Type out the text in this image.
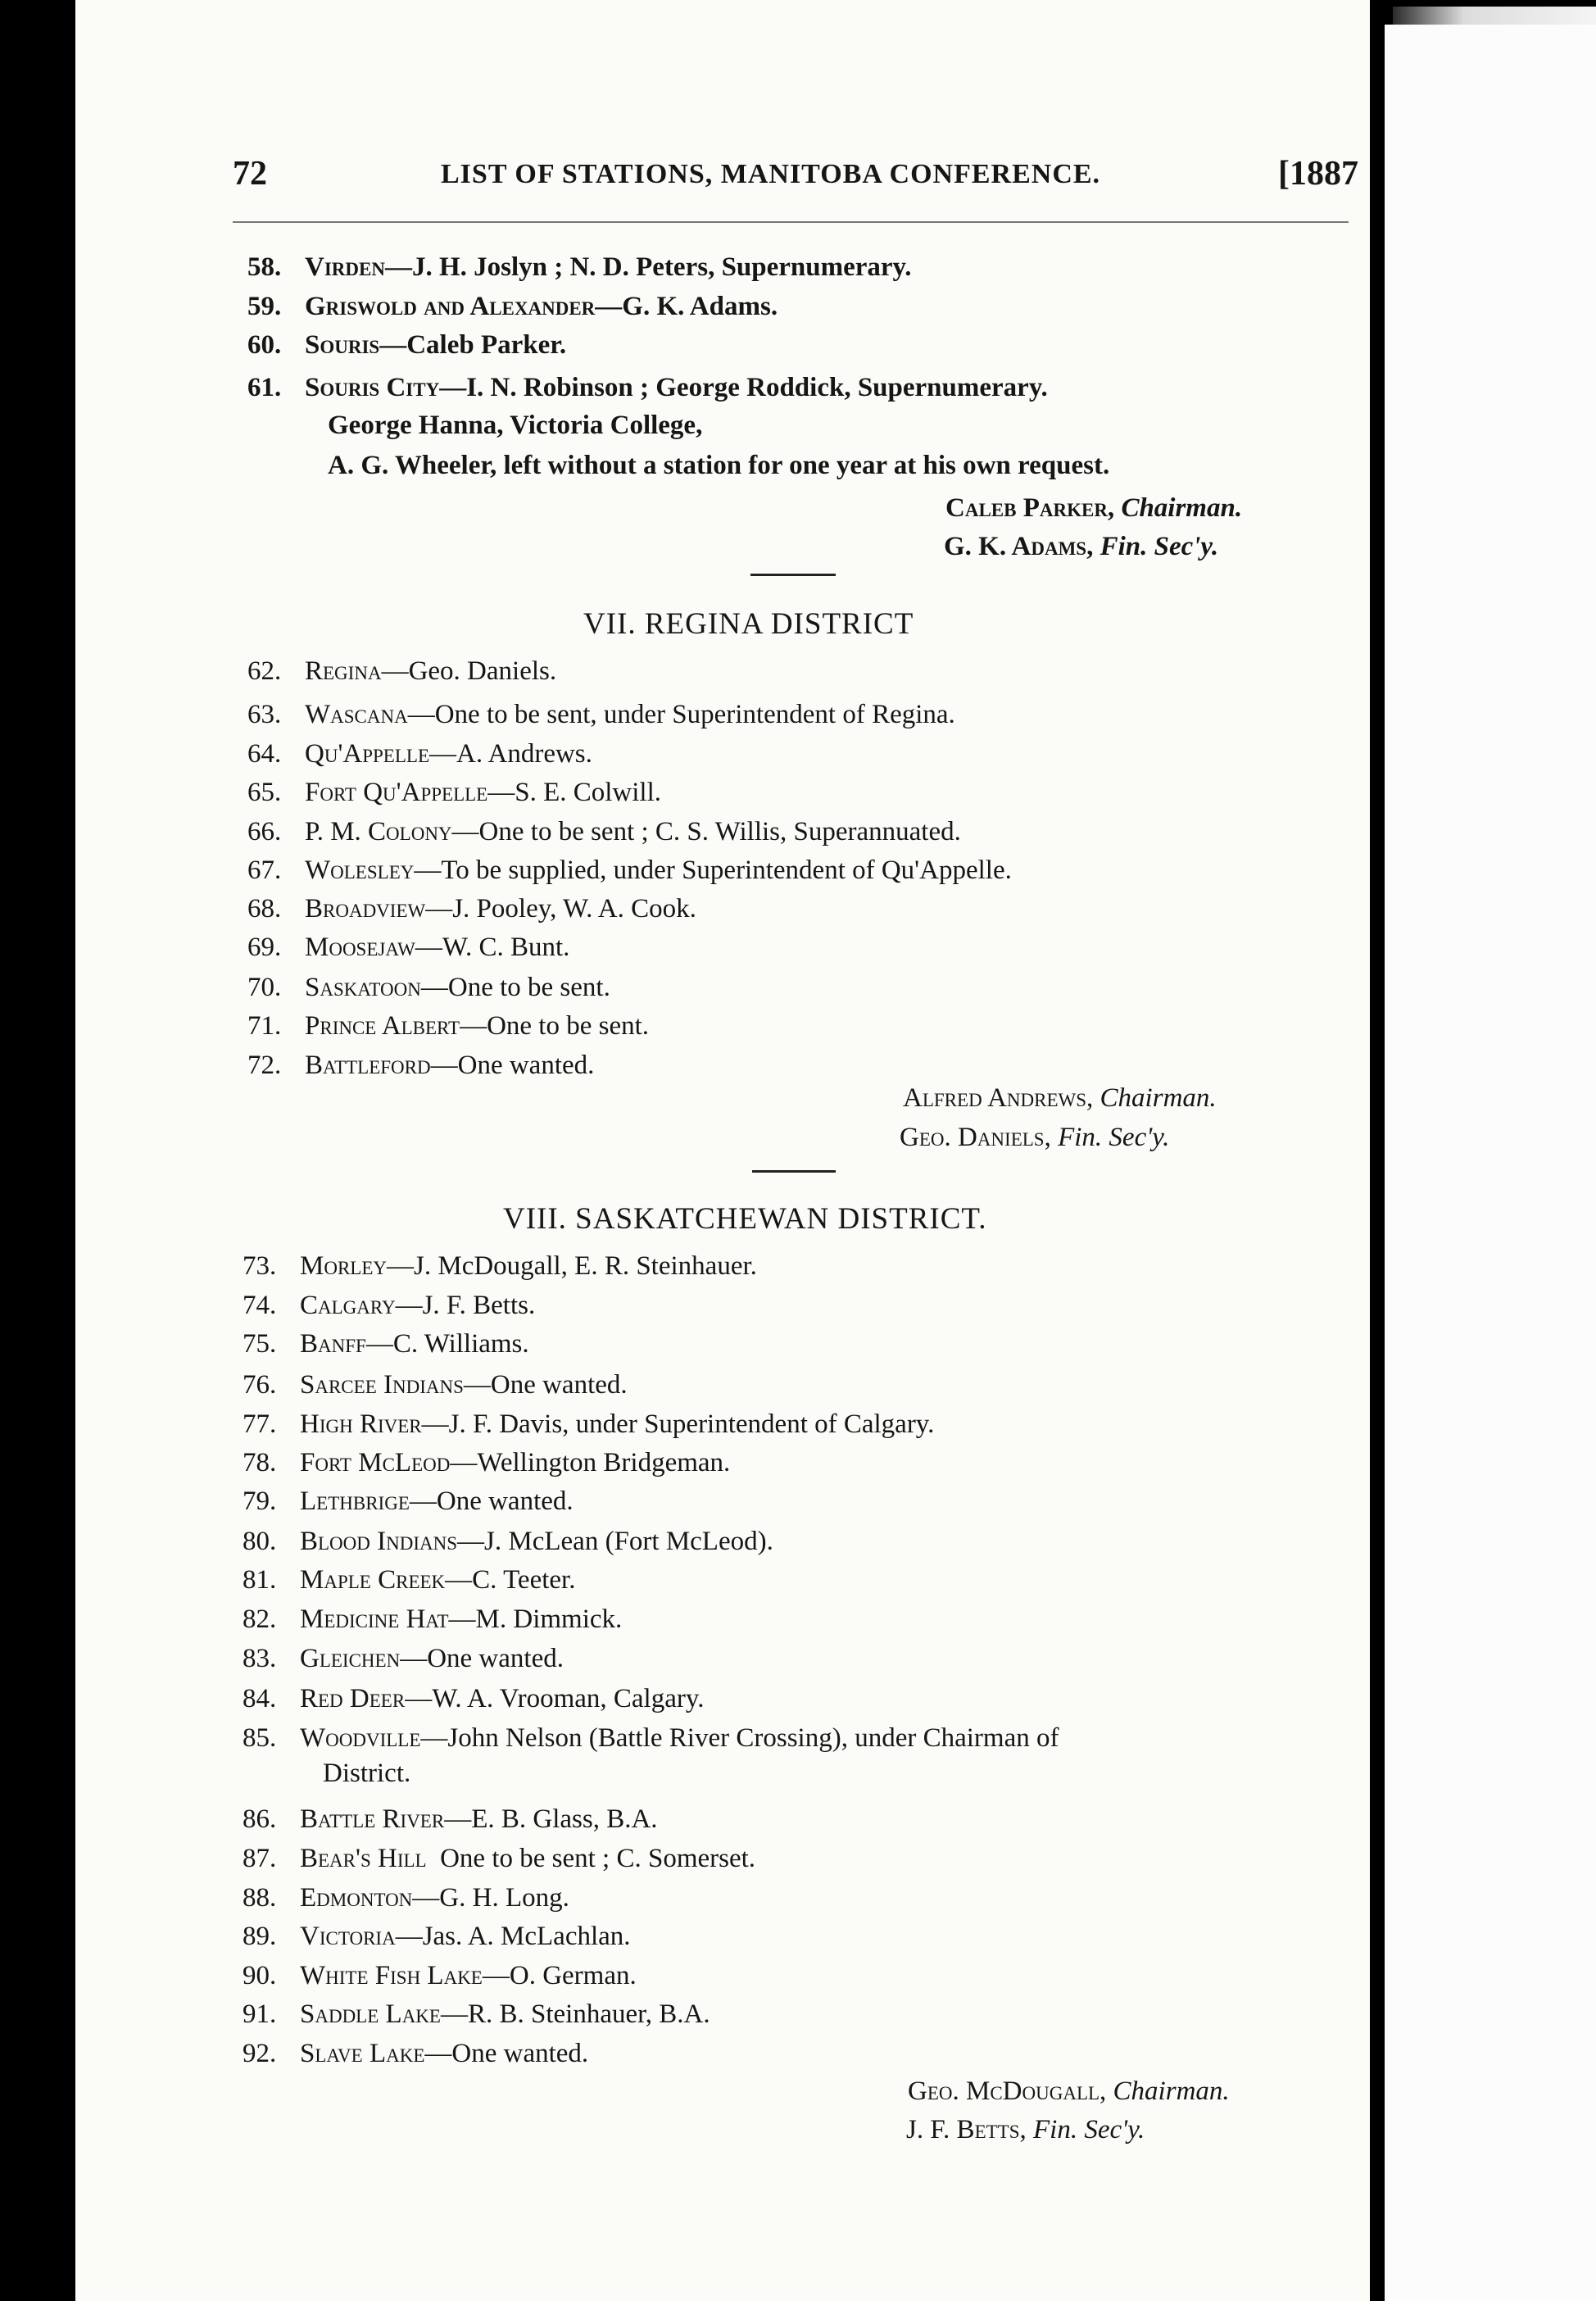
72	LIST OF STATIONS, MANITOBA CONFERENCE.	[1887
58. Virden—J. H. Joslyn ; N. D. Peters, Supernumerary.
59. Griswold and Alexander—G. K. Adams.
60. Souris—Caleb Parker.
61. Souris City—I. N. Robinson ; George Roddick, Supernumerary.
George Hanna, Victoria College,
A. G. Wheeler, left without a station for one year at his own request.
Caleb Parker, Chairman.
G. K. Adams, Fin. Sec'y.
VII. REGINA DISTRICT
62. Regina—Geo. Daniels.
63. Wascana—One to be sent, under Superintendent of Regina.
64. Qu'Appelle—A. Andrews.
65. Fort Qu'Appelle—S. E. Colwill.
66. P. M. Colony—One to be sent ; C. S. Willis, Superannuated.
67. Wolesley—To be supplied, under Superintendent of Qu'Appelle.
68. Broadview—J. Pooley, W. A. Cook.
69. Moosejaw—W. C. Bunt.
70. Saskatoon—One to be sent.
71. Prince Albert—One to be sent.
72. Battleford—One wanted.
Alfred Andrews, Chairman.
Geo. Daniels, Fin. Sec'y.
VIII. SASKATCHEWAN DISTRICT.
73. Morley—J. McDougall, E. R. Steinhauer.
74. Calgary—J. F. Betts.
75. Banff—C. Williams.
76. Sarcee Indians—One wanted.
77. High River—J. F. Davis, under Superintendent of Calgary.
78. Fort McLeod—Wellington Bridgeman.
79. Lethbrige—One wanted.
80. Blood Indians—J. McLean (Fort McLeod).
81. Maple Creek—C. Teeter.
82. Medicine Hat—M. Dimmick.
83. Gleichen—One wanted.
84. Red Deer—W. A. Vrooman, Calgary.
85. Woodville—John Nelson (Battle River Crossing), under Chairman of
District.
86. Battle River—E. B. Glass, B.A.
87. Bear's Hill  One to be sent ; C. Somerset.
88. Edmonton—G. H. Long.
89. Victoria—Jas. A. McLachlan.
90. White Fish Lake—O. German.
91. Saddle Lake—R. B. Steinhauer, B.A.
92. Slave Lake—One wanted.
Geo. McDougall, Chairman.
J. F. Betts, Fin. Sec'y.
